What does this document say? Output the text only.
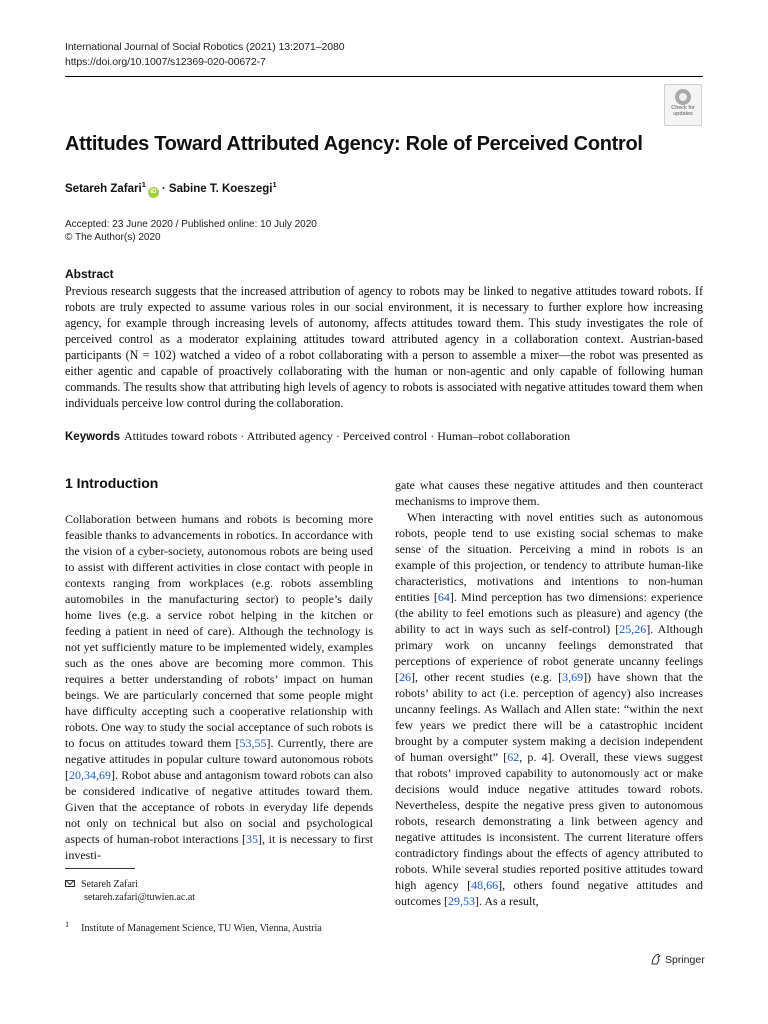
International Journal of Social Robotics (2021) 13:2071–2080
https://doi.org/10.1007/s12369-020-00672-7
Check for
updates
Attitudes Toward Attributed Agency: Role of Perceived Control
Setareh Zafari$^1$iD · Sabine T. Koeszegi$^1$
Accepted: 23 June 2020 / Published online: 10 July 2020
© The Author(s) 2020
Abstract
Previous research suggests that the increased attribution of agency to robots may be linked to negative attitudes toward robots. If robots are truly expected to assume various roles in our social environment, it is necessary to further explore how increasing agency, for example through increasing levels of autonomy, affects attitudes toward them. This study investigates the role of perceived control as a moderator explaining attitudes toward attributed agency in a collaboration context. Austrian-based participants (N = 102) watched a video of a robot collaborating with a person to assemble a mixer—the robot was presented as either agentic and capable of proactively collaborating with the human or non-agentic and only capable of following human commands. The results show that attributing high levels of agency to robots is associated with negative attitudes toward them when individuals perceive low control during the collaboration.
Keywords Attitudes toward robots · Attributed agency · Perceived control · Human–robot collaboration
1 Introduction

Collaboration between humans and robots is becoming more feasible thanks to advancements in robotics. In accordance with the vision of a cyber-society, autonomous robots are being used to assist with different activities in close contact with people in contexts ranging from workplaces (e.g. robots assembling automobiles in the manufacturing sector) to people’s daily home lives (e.g. a service robot helping in the kitchen or feeding a patient in need of care). Although the technology is not yet sufficiently mature to be implemented widely, examples such as the ones above are becoming more common. This requires a better understanding of robots’ impact on human beings. We are particularly concerned that some people might have difficulty accepting such a cooperative relationship with robots. One way to study the social acceptance of such robots is to focus on attitudes toward them [53,55]. Currently, there are negative attitudes in popular culture toward autonomous robots [20,34,69]. Robot abuse and antagonism toward robots can also be considered indicative of negative attitudes toward them. Given that the acceptance of robots in everyday life depends not only on technical but also on social and psychological aspects of human-robot interactions [35], it is necessary to first investi-

gate what causes these negative attitudes and then counteract mechanisms to improve them.

When interacting with novel entities such as autonomous robots, people tend to use existing social schemas to make sense of the situation. Perceiving a mind in robots is an example of this projection, or tendency to attribute human-like characteristics, motivations and intentions to non-human entities [64]. Mind perception has two dimensions: experience (the ability to feel emotions such as pleasure) and agency (the ability to act in ways such as self-control) [25,26]. Although primary work on uncanny feelings demonstrated that perceptions of experience of robot generate uncanny feelings [26], other recent studies (e.g. [3,69]) have shown that the robots’ ability to act (i.e. perception of agency) also increases uncanny feelings. As Wallach and Allen state: “within the next few years we predict there will be a catastrophic incident brought by a computer system making a decision independent of human oversight” [62, p. 4]. Overall, these views suggest that robots’ improved capability to autonomously act or make decisions would induce negative attitudes toward robots. Nevertheless, despite the negative press given to autonomous robots, research demonstrating a link between agency and negative attitudes is inconsistent. The current literature offers contradictory findings about the effects of agency attributed to robots. While several studies reported positive attitudes toward high agency [48,66], others found negative attitudes and outcomes [29,53]. As a result,

Setareh Zafari
setareh.zafari@tuwien.ac.at
$^1$ Institute of Management Science, TU Wien, Vienna, Austria
Springer
